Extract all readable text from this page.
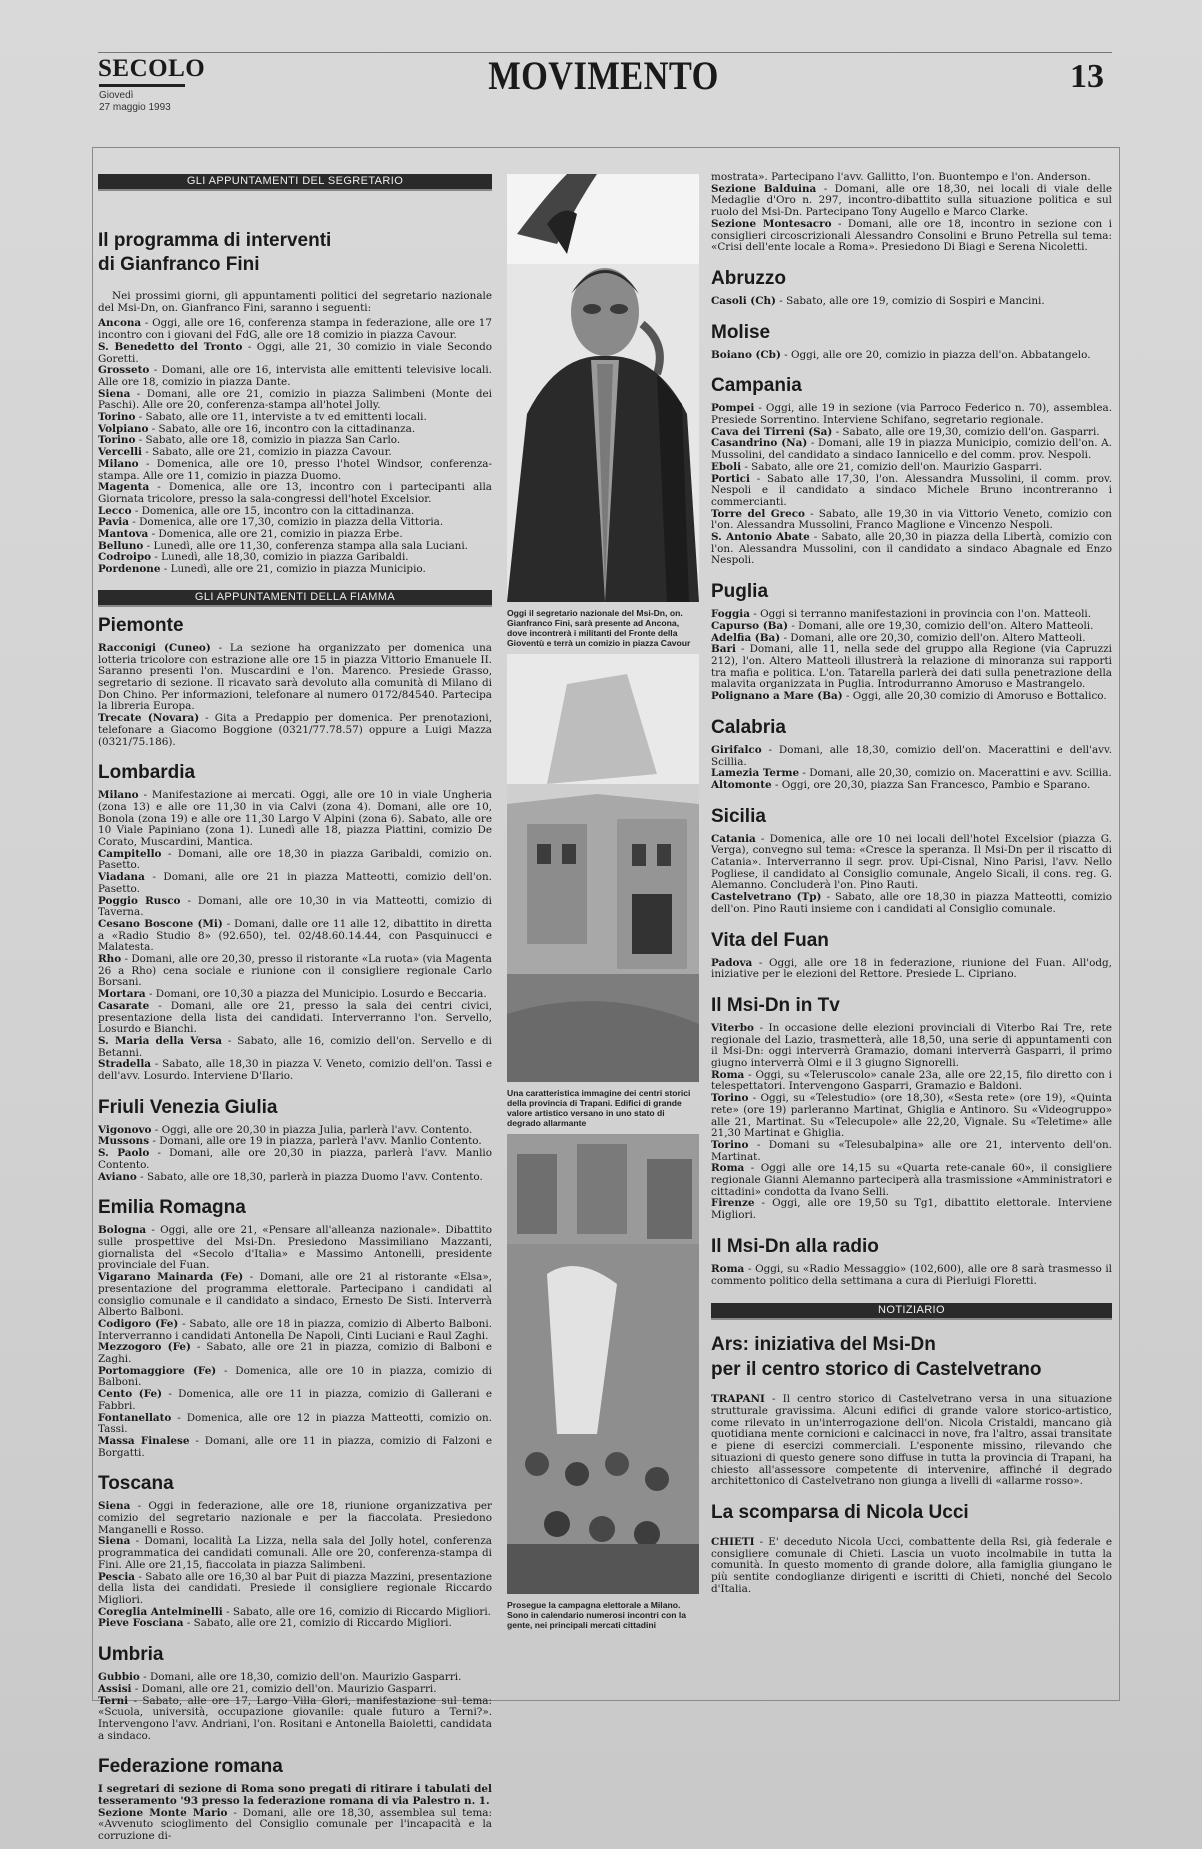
SECOLO
Giovedì
27 maggio 1993
MOVIMENTO	13
GLI APPUNTAMENTI DEL SEGRETARIO
Il programma di interventi
di Gianfranco Fini

Nei prossimi giorni, gli appuntamenti politici del segretario nazionale del Msi-Dn, on. Gianfranco Fini, saranno i seguenti:

Ancona - Oggi, alle ore 16, conferenza stampa in federazione, alle ore 17 incontro con i giovani del FdG, alle ore 18 comizio in piazza Cavour.

S. Benedetto del Tronto - Oggi, alle 21, 30 comizio in viale Secondo Goretti.

Grosseto - Domani, alle ore 16, intervista alle emittenti televisive locali. Alle ore 18, comizio in piazza Dante.

Siena - Domani, alle ore 21, comizio in piazza Salimbeni (Monte dei Paschi). Alle ore 20, conferenza-stampa all'hotel Jolly.

Torino - Sabato, alle ore 11, interviste a tv ed emittenti locali.

Volpiano - Sabato, alle ore 16, incontro con la cittadinanza.

Torino - Sabato, alle ore 18, comizio in piazza San Carlo.

Vercelli - Sabato, alle ore 21, comizio in piazza Cavour.

Milano - Domenica, alle ore 10, presso l'hotel Windsor, conferenza-stampa. Alle ore 11, comizio in piazza Duomo.

Magenta - Domenica, alle ore 13, incontro con i partecipanti alla Giornata tricolore, presso la sala-congressi dell'hotel Excelsior.

Lecco - Domenica, alle ore 15, incontro con la cittadinanza.

Pavia - Domenica, alle ore 17,30, comizio in piazza della Vittoria.

Mantova - Domenica, alle ore 21, comizio in piazza Erbe.

Belluno - Lunedì, alle ore 11,30, conferenza stampa alla sala Luciani.

Codroipo - Lunedì, alle 18,30, comizio in piazza Garibaldi.

Pordenone - Lunedì, alle ore 21, comizio in piazza Municipio.

GLI APPUNTAMENTI DELLA FIAMMA
Piemonte

Racconigi (Cuneo) - La sezione ha organizzato per domenica una lotteria tricolore con estrazione alle ore 15 in piazza Vittorio Emanuele II. Saranno presenti l'on. Muscardini e l'on. Marenco. Presiede Grasso, segretario di sezione. Il ricavato sarà devoluto alla comunità di Milano di Don Chino. Per informazioni, telefonare al numero 0172/84540. Partecipa la libreria Europa.

Trecate (Novara) - Gita a Predappio per domenica. Per prenotazioni, telefonare a Giacomo Boggione (0321/77.78.57) oppure a Luigi Mazza (0321/75.186).

Lombardia

Milano - Manifestazione ai mercati. Oggi, alle ore 10 in viale Ungheria (zona 13) e alle ore 11,30 in via Calvi (zona 4). Domani, alle ore 10, Bonola (zona 19) e alle ore 11,30 Largo V Alpini (zona 6). Sabato, alle ore 10 Viale Papiniano (zona 1). Lunedì alle 18, piazza Piattini, comizio De Corato, Muscardini, Mantica.

Campitello - Domani, alle ore 18,30 in piazza Garibaldi, comizio on. Pasetto.

Viadana - Domani, alle ore 21 in piazza Matteotti, comizio dell'on. Pasetto.

Poggio Rusco - Domani, alle ore 10,30 in via Matteotti, comizio di Taverna.

Cesano Boscone (Mi) - Domani, dalle ore 11 alle 12, dibattito in diretta a «Radio Studio 8» (92.650), tel. 02/48.60.14.44, con Pasquinucci e Malatesta.

Rho - Domani, alle ore 20,30, presso il ristorante «La ruota» (via Magenta 26 a Rho) cena sociale e riunione con il consigliere regionale Carlo Borsani.

Mortara - Domani, ore 10,30 a piazza del Municipio. Losurdo e Beccaria.

Casarate - Domani, alle ore 21, presso la sala dei centri civici, presentazione della lista dei candidati. Interverranno l'on. Servello, Losurdo e Bianchi.

S. Maria della Versa - Sabato, alle 16, comizio dell'on. Servello e di Betanni.

Stradella - Sabato, alle 18,30 in piazza V. Veneto, comizio dell'on. Tassi e dell'avv. Losurdo. Interviene D'Ilario.

Friuli Venezia Giulia

Vigonovo - Oggi, alle ore 20,30 in piazza Julia, parlerà l'avv. Contento.

Mussons - Domani, alle ore 19 in piazza, parlerà l'avv. Manlio Contento.

S. Paolo - Domani, alle ore 20,30 in piazza, parlerà l'avv. Manlio Contento.

Aviano - Sabato, alle ore 18,30, parlerà in piazza Duomo l'avv. Contento.

Emilia Romagna

Bologna - Oggi, alle ore 21, «Pensare all'alleanza nazionale». Dibattito sulle prospettive del Msi-Dn. Presiedono Massimiliano Mazzanti, giornalista del «Secolo d'Italia» e Massimo Antonelli, presidente provinciale del Fuan.

Vigarano Mainarda (Fe) - Domani, alle ore 21 al ristorante «Elsa», presentazione del programma elettorale. Partecipano i candidati al consiglio comunale e il candidato a sindaco, Ernesto De Sisti. Interverrà Alberto Balboni.

Codigoro (Fe) - Sabato, alle ore 18 in piazza, comizio di Alberto Balboni. Interverranno i candidati Antonella De Napoli, Cinti Luciani e Raul Zaghi.

Mezzogoro (Fe) - Sabato, alle ore 21 in piazza, comizio di Balboni e Zaghi.

Portomaggiore (Fe) - Domenica, alle ore 10 in piazza, comizio di Balboni.

Cento (Fe) - Domenica, alle ore 11 in piazza, comizio di Gallerani e Fabbri.

Fontanellato - Domenica, alle ore 12 in piazza Matteotti, comizio on. Tassi.

Massa Finalese - Domani, alle ore 11 in piazza, comizio di Falzoni e Borgatti.

Toscana

Siena - Oggi in federazione, alle ore 18, riunione organizzativa per comizio del segretario nazionale e per la fiaccolata. Presiedono Manganelli e Rosso.

Siena - Domani, località La Lizza, nella sala del Jolly hotel, conferenza programmatica dei candidati comunali. Alle ore 20, conferenza-stampa di Fini. Alle ore 21,15, fiaccolata in piazza Salimbeni.

Pescia - Sabato alle ore 16,30 al bar Puit di piazza Mazzini, presentazione della lista dei candidati. Presiede il consigliere regionale Riccardo Migliori.

Coreglia Antelminelli - Sabato, alle ore 16, comizio di Riccardo Migliori.

Pieve Fosciana - Sabato, alle ore 21, comizio di Riccardo Migliori.

Umbria

Gubbio - Domani, alle ore 18,30, comizio dell'on. Maurizio Gasparri.

Assisi - Domani, alle ore 21, comizio dell'on. Maurizio Gasparri.

Terni - Sabato, alle ore 17, Largo Villa Glori, manifestazione sul tema: «Scuola, università, occupazione giovanile: quale futuro a Terni?». Intervengono l'avv. Andriani, l'on. Rositani e Antonella Baioletti, candidata a sindaco.

Federazione romana

I segretari di sezione di Roma sono pregati di ritirare i tabulati del tesseramento '93 presso la federazione romana di via Palestro n. 1.

Sezione Monte Mario - Domani, alle ore 18,30, assemblea sul tema: «Avvenuto scioglimento del Consiglio comunale per l'incapacità e la corruzione di-

Oggi il segretario nazionale del Msi-Dn, on. Gianfranco Fini, sarà presente ad Ancona, dove incontrerà i militanti del Fronte della Gioventù e terrà un comizio in piazza Cavour
Una caratteristica immagine dei centri storici della provincia di Trapani. Edifici di grande valore artistico versano in uno stato di degrado allarmante
Prosegue la campagna elettorale a Milano. Sono in calendario numerosi incontri con la gente, nei principali mercati cittadini

mostrata». Partecipano l'avv. Gallitto, l'on. Buontempo e l'on. Anderson.

Sezione Balduina - Domani, alle ore 18,30, nei locali di viale delle Medaglie d'Oro n. 297, incontro-dibattito sulla situazione politica e sul ruolo del Msi-Dn. Partecipano Tony Augello e Marco Clarke.

Sezione Montesacro - Domani, alle ore 18, incontro in sezione con i consiglieri circoscrizionali Alessandro Consolini e Bruno Petrella sul tema: «Crisi dell'ente locale a Roma». Presiedono Di Biagi e Serena Nicoletti.

Abruzzo

Casoli (Ch) - Sabato, alle ore 19, comizio di Sospiri e Mancini.

Molise

Boiano (Cb) - Oggi, alle ore 20, comizio in piazza dell'on. Abbatangelo.

Campania

Pompei - Oggi, alle 19 in sezione (via Parroco Federico n. 70), assemblea. Presiede Sorrentino. Interviene Schifano, segretario regionale.

Cava dei Tirreni (Sa) - Sabato, alle ore 19,30, comizio dell'on. Gasparri.

Casandrino (Na) - Domani, alle 19 in piazza Municipio, comizio dell'on. A. Mussolini, del candidato a sindaco Iannicello e del comm. prov. Nespoli.

Eboli - Sabato, alle ore 21, comizio dell'on. Maurizio Gasparri.

Portici - Sabato alle 17,30, l'on. Alessandra Mussolini, il comm. prov. Nespoli e il candidato a sindaco Michele Bruno incontreranno i commercianti.

Torre del Greco - Sabato, alle 19,30 in via Vittorio Veneto, comizio con l'on. Alessandra Mussolini, Franco Maglione e Vincenzo Nespoli.

S. Antonio Abate - Sabato, alle 20,30 in piazza della Libertà, comizio con l'on. Alessandra Mussolini, con il candidato a sindaco Abagnale ed Enzo Nespoli.

Puglia

Foggia - Oggi si terranno manifestazioni in provincia con l'on. Matteoli.

Capurso (Ba) - Domani, alle ore 19,30, comizio dell'on. Altero Matteoli.

Adelfia (Ba) - Domani, alle ore 20,30, comizio dell'on. Altero Matteoli.

Bari - Domani, alle 11, nella sede del gruppo alla Regione (via Capruzzi 212), l'on. Altero Matteoli illustrerà la relazione di minoranza sui rapporti tra mafia e politica. L'on. Tatarella parlerà dei dati sulla penetrazione della malavita organizzata in Puglia. Introdurranno Amoruso e Mastrangelo.

Polignano a Mare (Ba) - Oggi, alle 20,30 comizio di Amoruso e Bottalico.

Calabria

Girifalco - Domani, alle 18,30, comizio dell'on. Macerattini e dell'avv. Scillia.

Lamezia Terme - Domani, alle 20,30, comizio on. Macerattini e avv. Scillia.

Altomonte - Oggi, ore 20,30, piazza San Francesco, Pambio e Sparano.

Sicilia

Catania - Domenica, alle ore 10 nei locali dell'hotel Excelsior (piazza G. Verga), convegno sul tema: «Cresce la speranza. Il Msi-Dn per il riscatto di Catania». Interverranno il segr. prov. Upi-Cisnal, Nino Parisi, l'avv. Nello Pogliese, il candidato al Consiglio comunale, Angelo Sicali, il cons. reg. G. Alemanno. Concluderà l'on. Pino Rauti.

Castelvetrano (Tp) - Sabato, alle ore 18,30 in piazza Matteotti, comizio dell'on. Pino Rauti insieme con i candidati al Consiglio comunale.

Vita del Fuan

Padova - Oggi, alle ore 18 in federazione, riunione del Fuan. All'odg, iniziative per le elezioni del Rettore. Presiede L. Cipriano.

Il Msi-Dn in Tv

Viterbo - In occasione delle elezioni provinciali di Viterbo Rai Tre, rete regionale del Lazio, trasmetterà, alle 18,50, una serie di appuntamenti con il Msi-Dn: oggi interverrà Gramazio, domani interverrà Gasparri, il primo giugno interverrà Olmi e il 3 giugno Signorelli.

Roma - Oggi, su «Teleruscolo» canale 23a, alle ore 22,15, filo diretto con i telespettatori. Intervengono Gasparri, Gramazio e Baldoni.

Torino - Oggi, su «Telestudio» (ore 18,30), «Sesta rete» (ore 19), «Quinta rete» (ore 19) parleranno Martinat, Ghiglia e Antinoro. Su «Videogruppo» alle 21, Martinat. Su «Telecupole» alle 22,20, Vignale. Su «Teletime» alle 21,30 Martinat e Ghiglia.

Torino - Domani su «Telesubalpina» alle ore 21, intervento dell'on. Martinat.

Roma - Oggi alle ore 14,15 su «Quarta rete-canale 60», il consigliere regionale Gianni Alemanno parteciperà alla trasmissione «Amministratori e cittadini» condotta da Ivano Selli.

Firenze - Oggi, alle ore 19,50 su Tg1, dibattito elettorale. Interviene Migliori.

Il Msi-Dn alla radio

Roma - Oggi, su «Radio Messaggio» (102,600), alle ore 8 sarà trasmesso il commento politico della settimana a cura di Pierluigi Floretti.

NOTIZIARIO
Ars: iniziativa del Msi-Dn
per il centro storico di Castelvetrano

TRAPANI - Il centro storico di Castelvetrano versa in una situazione strutturale gravissima. Alcuni edifici di grande valore storico-artistico, come rilevato in un'interrogazione dell'on. Nicola Cristaldi, mancano già quotidiana mente cornicioni e calcinacci in nove, fra l'altro, assai transitate e piene di esercizi commerciali. L'esponente missino, rilevando che situazioni di questo genere sono diffuse in tutta la provincia di Trapani, ha chiesto all'assessore competente di intervenire, affinché il degrado architettonico di Castelvetrano non giunga a livelli di «allarme rosso».

La scomparsa di Nicola Ucci

CHIETI - E' deceduto Nicola Ucci, combattente della Rsi, già federale e consigliere comunale di Chieti. Lascia un vuoto incolmabile in tutta la comunità. In questo momento di grande dolore, alla famiglia giungano le più sentite condoglianze dirigenti e iscritti di Chieti, nonché del Secolo d'Italia.
